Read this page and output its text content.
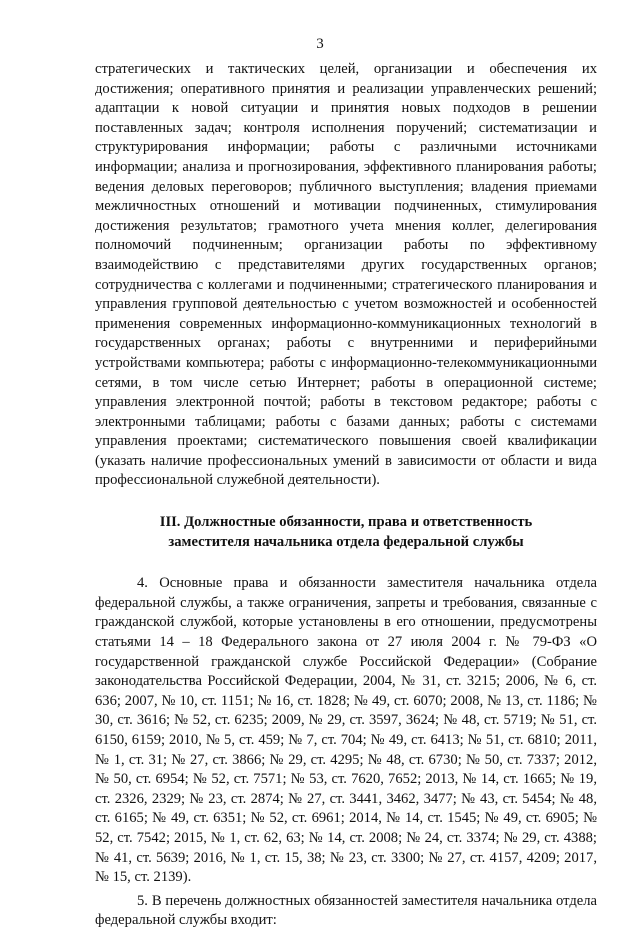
3

стратегических и тактических целей, организации и обеспечения их достижения; оперативного принятия и реализации управленческих решений; адаптации к новой ситуации и принятия новых подходов в решении поставленных задач; контроля исполнения поручений; систематизации и структурирования информации; работы с различными источниками информации; анализа и прогнозирования, эффективного планирования работы; ведения деловых переговоров; публичного выступления; владения приемами межличностных отношений и мотивации подчиненных, стимулирования достижения результатов; грамотного учета мнения коллег, делегирования полномочий подчиненным; организации работы по эффективному взаимодействию с представителями других государственных органов; сотрудничества с коллегами и подчиненными; стратегического планирования и управления групповой деятельностью с учетом возможностей и особенностей применения современных информационно-коммуникационных технологий в государственных органах; работы с внутренними и периферийными устройствами компьютера; работы с информационно-телекоммуникационными сетями, в том числе сетью Интернет; работы в операционной системе; управления электронной почтой; работы в текстовом редакторе; работы с электронными таблицами; работы с базами данных; работы с системами управления проектами; систематического повышения своей квалификации (указать наличие профессиональных умений в зависимости от области и вида профессиональной служебной деятельности).

III. Должностные обязанности, права и ответственность
заместителя начальника отдела федеральной службы

4. Основные права и обязанности заместителя начальника отдела федеральной службы, а также ограничения, запреты и требования, связанные с гражданской службой, которые установлены в его отношении, предусмотрены статьями 14 – 18 Федерального закона от 27 июля 2004 г. № 79-ФЗ «О государственной гражданской службе Российской Федерации» (Собрание законодательства Российской Федерации, 2004, № 31, ст. 3215; 2006, № 6, ст. 636; 2007, № 10, ст. 1151; № 16, ст. 1828; № 49, ст. 6070; 2008, № 13, ст. 1186; № 30, ст. 3616; № 52, ст. 6235; 2009, № 29, ст. 3597, 3624; № 48, ст. 5719; № 51, ст. 6150, 6159; 2010, № 5, ст. 459; № 7, ст. 704; № 49, ст. 6413; № 51, ст. 6810; 2011, № 1, ст. 31; № 27, ст. 3866; № 29, ст. 4295; № 48, ст. 6730; № 50, ст. 7337; 2012, № 50, ст. 6954; № 52, ст. 7571; № 53, ст. 7620, 7652; 2013, № 14, ст. 1665; № 19, ст. 2326, 2329; № 23, ст. 2874; № 27, ст. 3441, 3462, 3477; № 43, ст. 5454; № 48, ст. 6165; № 49, ст. 6351; № 52, ст. 6961; 2014, № 14, ст. 1545; № 49, ст. 6905; № 52, ст. 7542; 2015, № 1, ст. 62, 63; № 14, ст. 2008; № 24, ст. 3374; № 29, ст. 4388; № 41, ст. 5639; 2016, № 1, ст. 15, 38; № 23, ст. 3300; № 27, ст. 4157, 4209; 2017, № 15, ст. 2139).

5. В перечень должностных обязанностей заместителя начальника отдела федеральной службы входит:
